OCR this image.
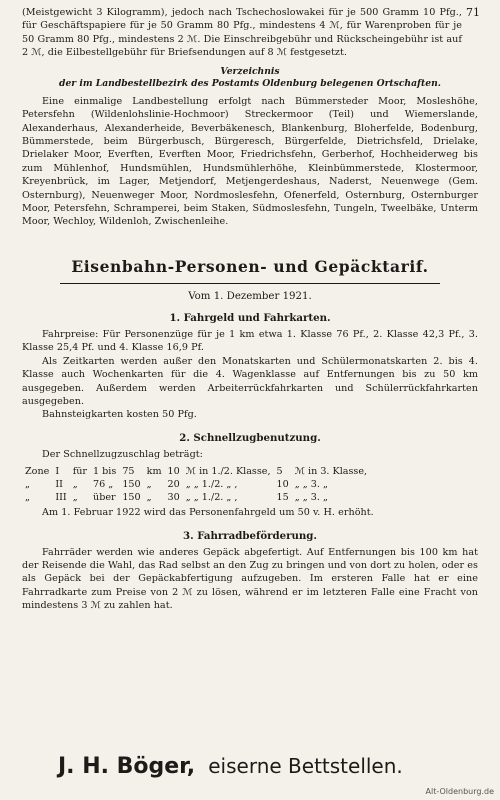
71

(Meistgewicht 3 Kilogramm), jedoch nach Tschechoslowakei für je 500 Gramm 10 Pfg., für Geschäftspapiere für je 50 Gramm 80 Pfg., mindestens 4 ℳ, für Warenproben für je 50 Gramm 80 Pfg., mindestens 2 ℳ. Die Einschreibgebühr und Rückscheingebühr ist auf 2 ℳ, die Eilbestellgebühr für Briefsendungen auf 8 ℳ festgesetzt.

Verzeichnis
der im Landbestellbezirk des Postamts Oldenburg belegenen Ortschaften.

Eine einmalige Landbestellung erfolgt nach Bümmersteder Moor, Mosleshöhe, Petersfehn (Wildenlohslinie-Hochmoor) Streckermoor (Teil) und Wiemerslande, Alexanderhaus, Alexanderheide, Beverbäkenesch, Blankenburg, Bloherfelde, Bodenburg, Bümmerstede, beim Bürgerbusch, Bürgeresch, Bürgerfelde, Dietrichsfeld, Drielake, Drielaker Moor, Everften, Everften Moor, Friedrichsfehn, Gerberhof, Hochheiderweg bis zum Mühlenhof, Hundsmühlen, Hundsmühlerhöhe, Kleinbümmerstede, Klostermoor, Kreyenbrück, im Lager, Metjendorf, Metjengerdeshaus, Naderst, Neuenwege (Gem. Osternburg), Neuenweger Moor, Nordmoslesfehn, Ofenerfeld, Osternburg, Osternburger Moor, Petersfehn, Schramperei, beim Staken, Südmoslesfehn, Tungeln, Tweelbäke, Unterm Moor, Wechloy, Wildenloh, Zwischenleihe.

Eisenbahn-Personen- und Gepäcktarif.
Vom 1. Dezember 1921.
1. Fahrgeld und Fahrkarten.

Fahrpreise: Für Personenzüge für je 1 km etwa 1. Klasse 76 Pf., 2. Klasse 42,3 Pf., 3. Klasse 25,4 Pf. und 4. Klasse 16,9 Pf.

Als Zeitkarten werden außer den Monatskarten und Schülermonatskarten 2. bis 4. Klasse auch Wochenkarten für die 4. Wagenklasse auf Entfernungen bis zu 50 km ausgegeben. Außerdem werden Arbeiterrückfahrkarten und Schülerrückfahrkarten ausgegeben.

Bahnsteigkarten kosten 50 Pfg.

2. Schnellzugbenutzung.

Der Schnellzugzuschlag beträgt:

Zone	I	für	1 bis	75	km	10	ℳ in 1./2. Klasse,	5	ℳ in 3. Klasse,
„	II	„	76 „	150	„	20	„ „ 1./2. „ ,	10	„ „ 3. „
„	III	„	über	150	„	30	„ „ 1./2. „ ,	15	„ „ 3. „

Am 1. Februar 1922 wird das Personenfahrgeld um 50 v. H. erhöht.

3. Fahrradbeförderung.

Fahrräder werden wie anderes Gepäck abgefertigt. Auf Entfernungen bis 100 km hat der Reisende die Wahl, das Rad selbst an den Zug zu bringen und von dort zu holen, oder es als Gepäck bei der Gepäckabfertigung aufzugeben. Im ersteren Falle hat er eine Fahrradkarte zum Preise von 2 ℳ zu lösen, während er im letzteren Falle eine Fracht von mindestens 3 ℳ zu zahlen hat.

J. H. Böger, eiserne Bettstellen.
Alt-Oldenburg.de
